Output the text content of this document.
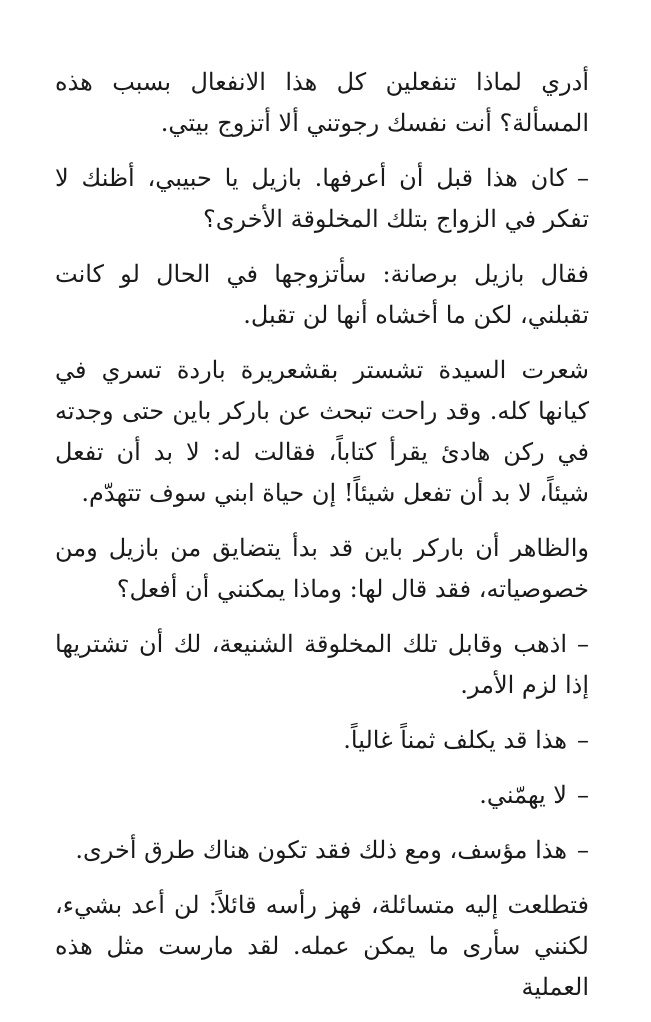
أدري لماذا تنفعلين كل هذا الانفعال بسبب هذه المسألة؟ أنت نفسك رجوتني ألا أتزوج بيتي.

–كان هذا قبل أن أعرفها. بازيل يا حبيبي، أظنك لا تفكر في الزواج بتلك المخلوقة الأخرى؟

فقال بازيل برصانة: سأتزوجها في الحال لو كانت تقبلني، لكن ما أخشاه أنها لن تقبل.

شعرت السيدة تشستر بقشعريرة باردة تسري في كيانها كله. وقد راحت تبحث عن باركر باين حتى وجدته في ركن هادئ يقرأ كتاباً، فقالت له: لا بد أن تفعل شيئاً، لا بد أن تفعل شيئاً! إن حياة ابني سوف تتهدّم.

والظاهر أن باركر باين قد بدأ يتضايق من بازيل ومن خصوصياته، فقد قال لها: وماذا يمكنني أن أفعل؟

–اذهب وقابل تلك المخلوقة الشنيعة، لك أن تشتريها إذا لزم الأمر.

–هذا قد يكلف ثمناً غالياً.

–لا يهمّني.

–هذا مؤسف، ومع ذلك فقد تكون هناك طرق أخرى.

فتطلعت إليه متسائلة، فهز رأسه قائلاً: لن أعد بشيء، لكنني سأرى ما يمكن عمله. لقد مارست مثل هذه العملية
